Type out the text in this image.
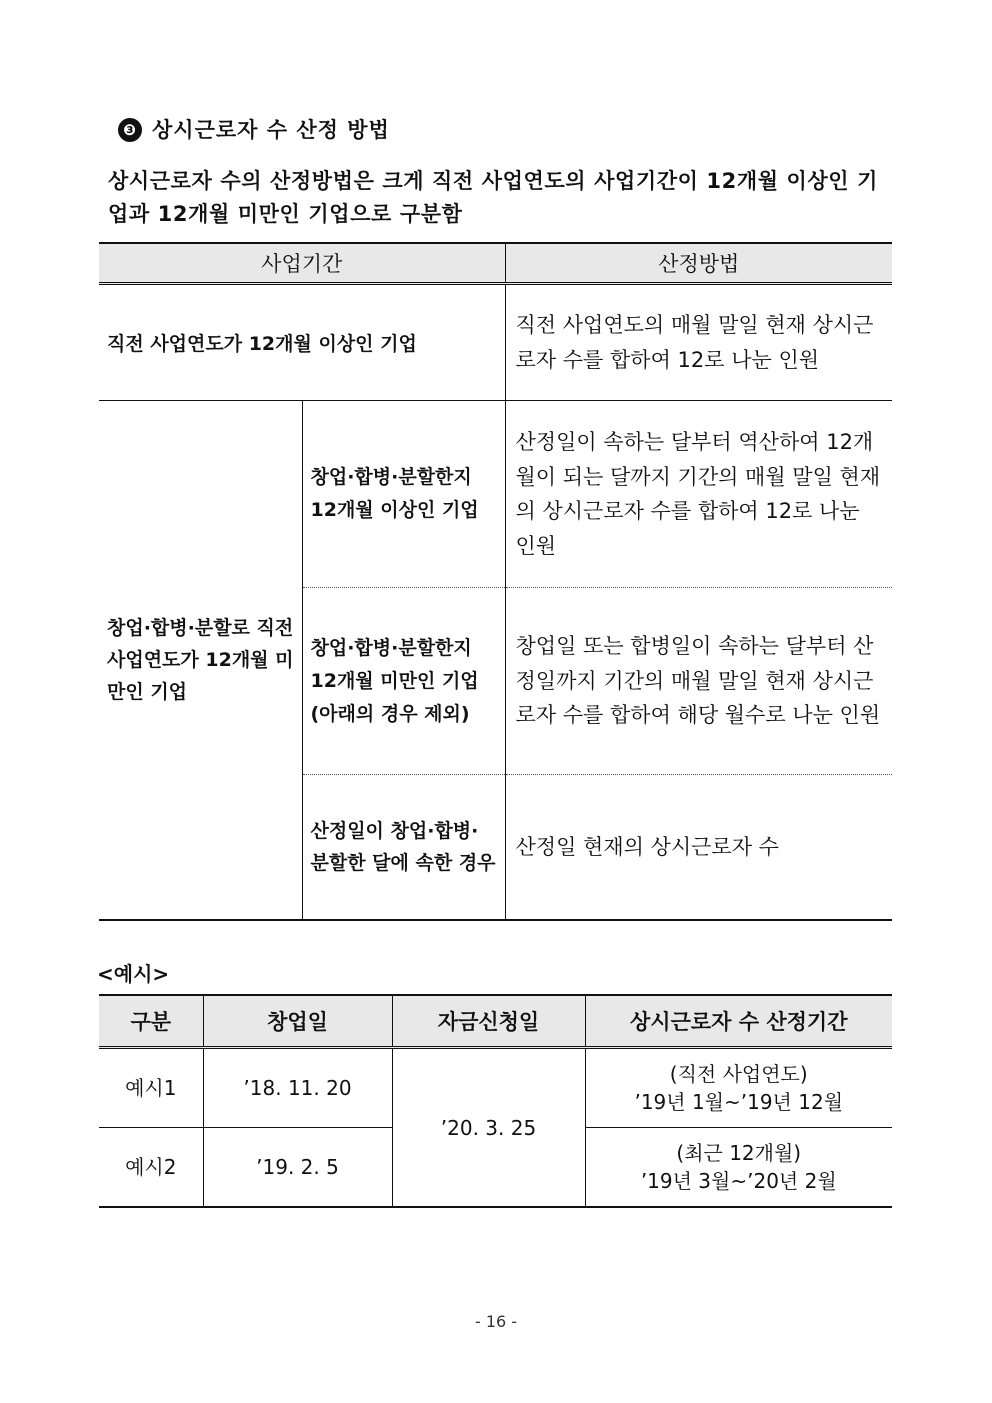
❸ 상시근로자 수 산정 방법
상시근로자 수의 산정방법은 크게 직전 사업연도의 사업기간이 12개월 이상인 기업과 12개월 미만인 기업으로 구분함
사업기간		산정방법
직전 사업연도가 12개월 이상인 기업		직전 사업연도의 매월 말일 현재 상시근로자 수를 합하여 12로 나눈 인원
창업·합병·분할로 직전 사업연도가 12개월 미만인 기업	창업·합병·분할한지 12개월 이상인 기업	산정일이 속하는 달부터 역산하여 12개월이 되는 달까지 기간의 매월 말일 현재의 상시근로자 수를 합하여 12로 나눈 인원
	창업·합병·분할한지 12개월 미만인 기업 (아래의 경우 제외)	창업일 또는 합병일이 속하는 달부터 산정일까지 기간의 매월 말일 현재 상시근로자 수를 합하여 해당 월수로 나눈 인원
	산정일이 창업·합병·분할한 달에 속한 경우	산정일 현재의 상시근로자 수
<예시>
구분	창업일	자금신청일	상시근로자 수 산정기간
예시1	’18. 11. 20	’20. 3. 25	(직전 사업연도)
’19년 1월~’19년 12월

예시2	’19. 2. 5		(최근 12개월)
’19년 3월~’20년 2월
- 16 -
